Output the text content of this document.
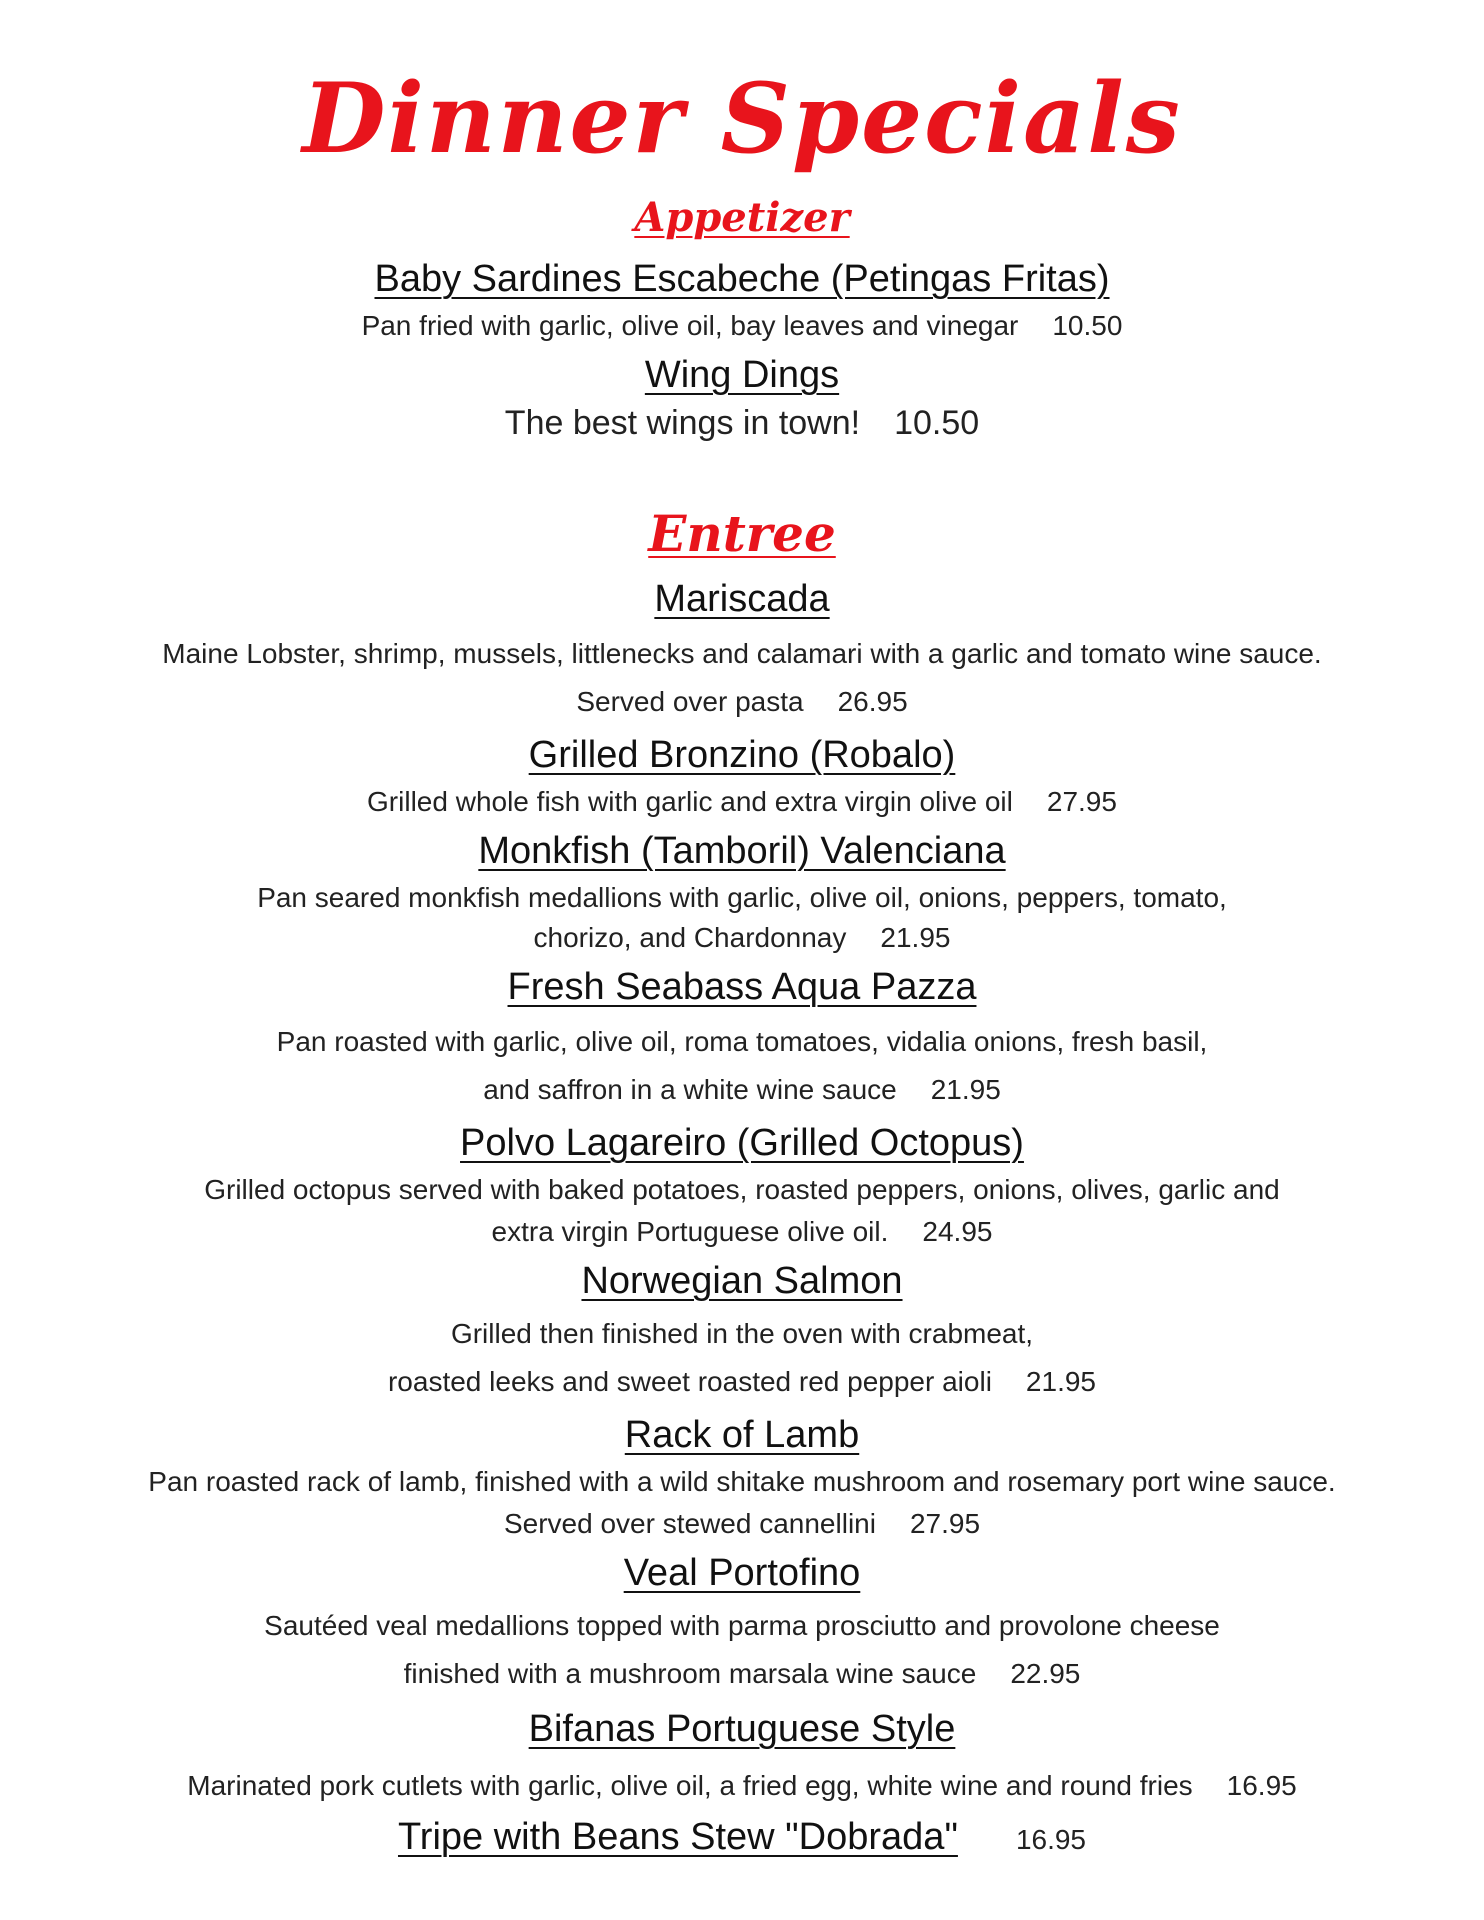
Dinner Specials
Appetizer
Baby Sardines Escabeche (Petingas Fritas)
Pan fried with garlic, olive oil, bay leaves and vinegar 10.50
Wing Dings
The best wings in town! 10.50
Entree
Mariscada
Maine Lobster, shrimp, mussels, littlenecks and calamari with a garlic and tomato wine sauce.
Served over pasta 26.95
Grilled Bronzino (Robalo)
Grilled whole fish with garlic and extra virgin olive oil 27.95
Monkfish (Tamboril) Valenciana
Pan seared monkfish medallions with garlic, olive oil, onions, peppers, tomato,
chorizo, and Chardonnay 21.95
Fresh Seabass Aqua Pazza
Pan roasted with garlic, olive oil, roma tomatoes, vidalia onions, fresh basil,
and saffron in a white wine sauce 21.95
Polvo Lagareiro (Grilled Octopus)
Grilled octopus served with baked potatoes, roasted peppers, onions, olives, garlic and
extra virgin Portuguese olive oil. 24.95
Norwegian Salmon
Grilled then finished in the oven with crabmeat,
roasted leeks and sweet roasted red pepper aioli 21.95
Rack of Lamb
Pan roasted rack of lamb, finished with a wild shitake mushroom and rosemary port wine sauce.
Served over stewed cannellini 27.95
Veal Portofino
Sautéed veal medallions topped with parma prosciutto and provolone cheese
finished with a mushroom marsala wine sauce 22.95
Bifanas Portuguese Style
Marinated pork cutlets with garlic, olive oil, a fried egg, white wine and round fries 16.95
Tripe with Beans Stew "Dobrada" 16.95
